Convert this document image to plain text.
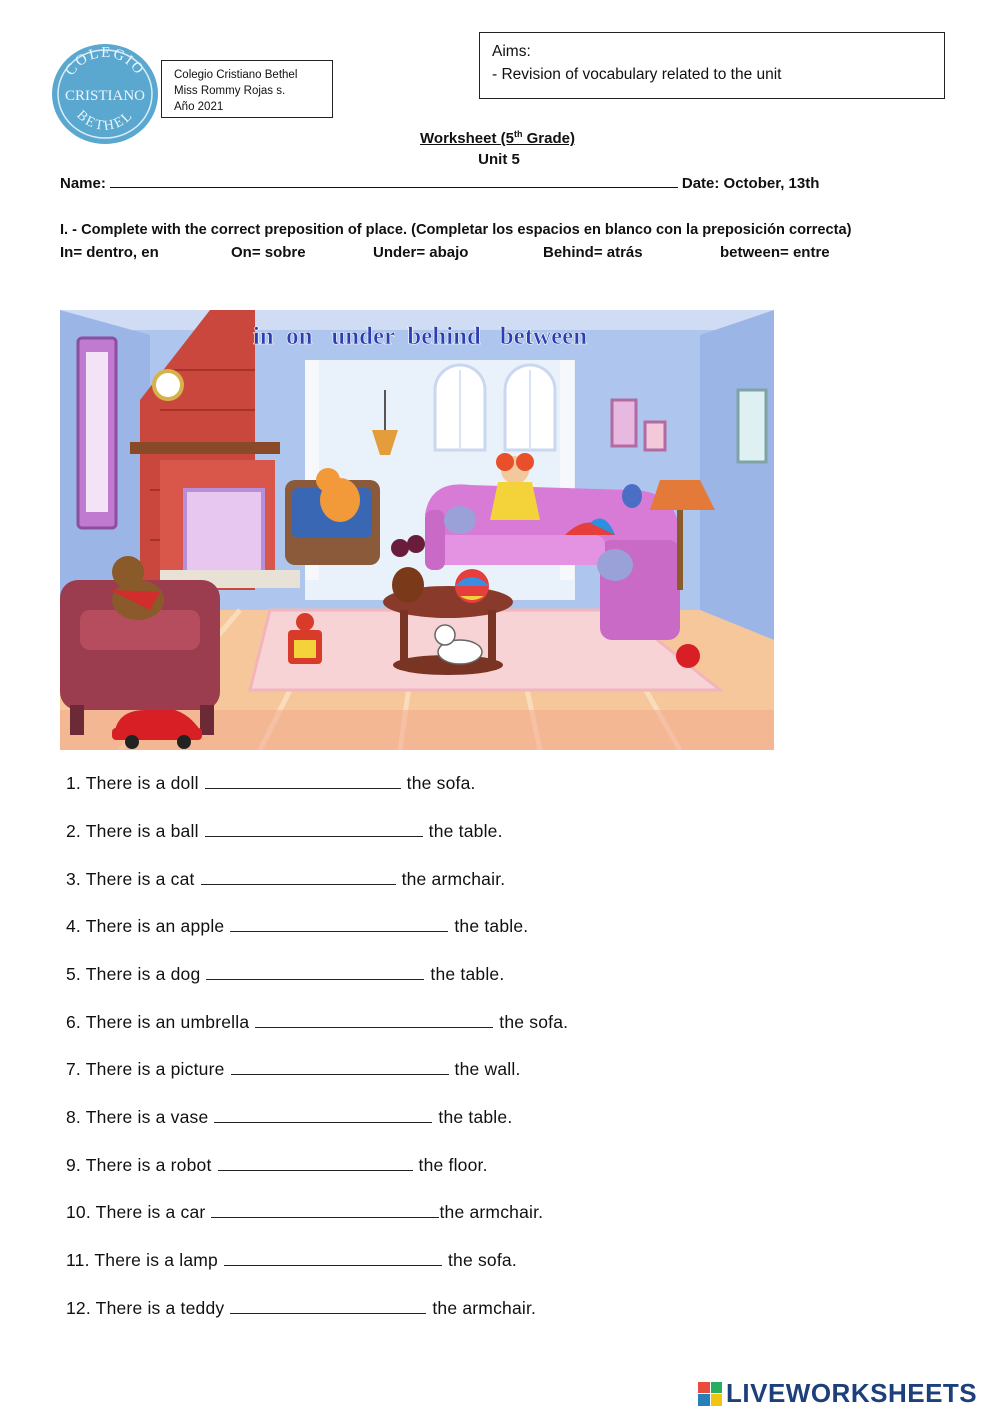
COLEGIO
CRISTIANO
BETHEL
Colegio Cristiano Bethel
Miss Rommy Rojas s.
Año 2021
Aims:
- Revision of vocabulary related to the unit
Worksheet (5th Grade)
Unit 5
Name:	Date: October, 13th
I. - Complete with the correct preposition of place. (Completar los espacios en blanco con la preposición correcta)
In= dentro, en	On= sobre	Under= abajo	Behind= atrás	between= entre
in  on   under  behind   between
1. There is a doll	the sofa.
2. There is a ball	the table.
3. There is a cat	the armchair.
4. There is an apple	the table.
5. There is a dog	the table.
6. There is an umbrella	the sofa.
7. There is a picture	the wall.
8. There is a vase	the table.
9. There is a robot	the floor.
10. There is a car	the armchair.
11. There is a lamp	the sofa.
12. There is a teddy	the armchair.
LIVEWORKSHEETS
